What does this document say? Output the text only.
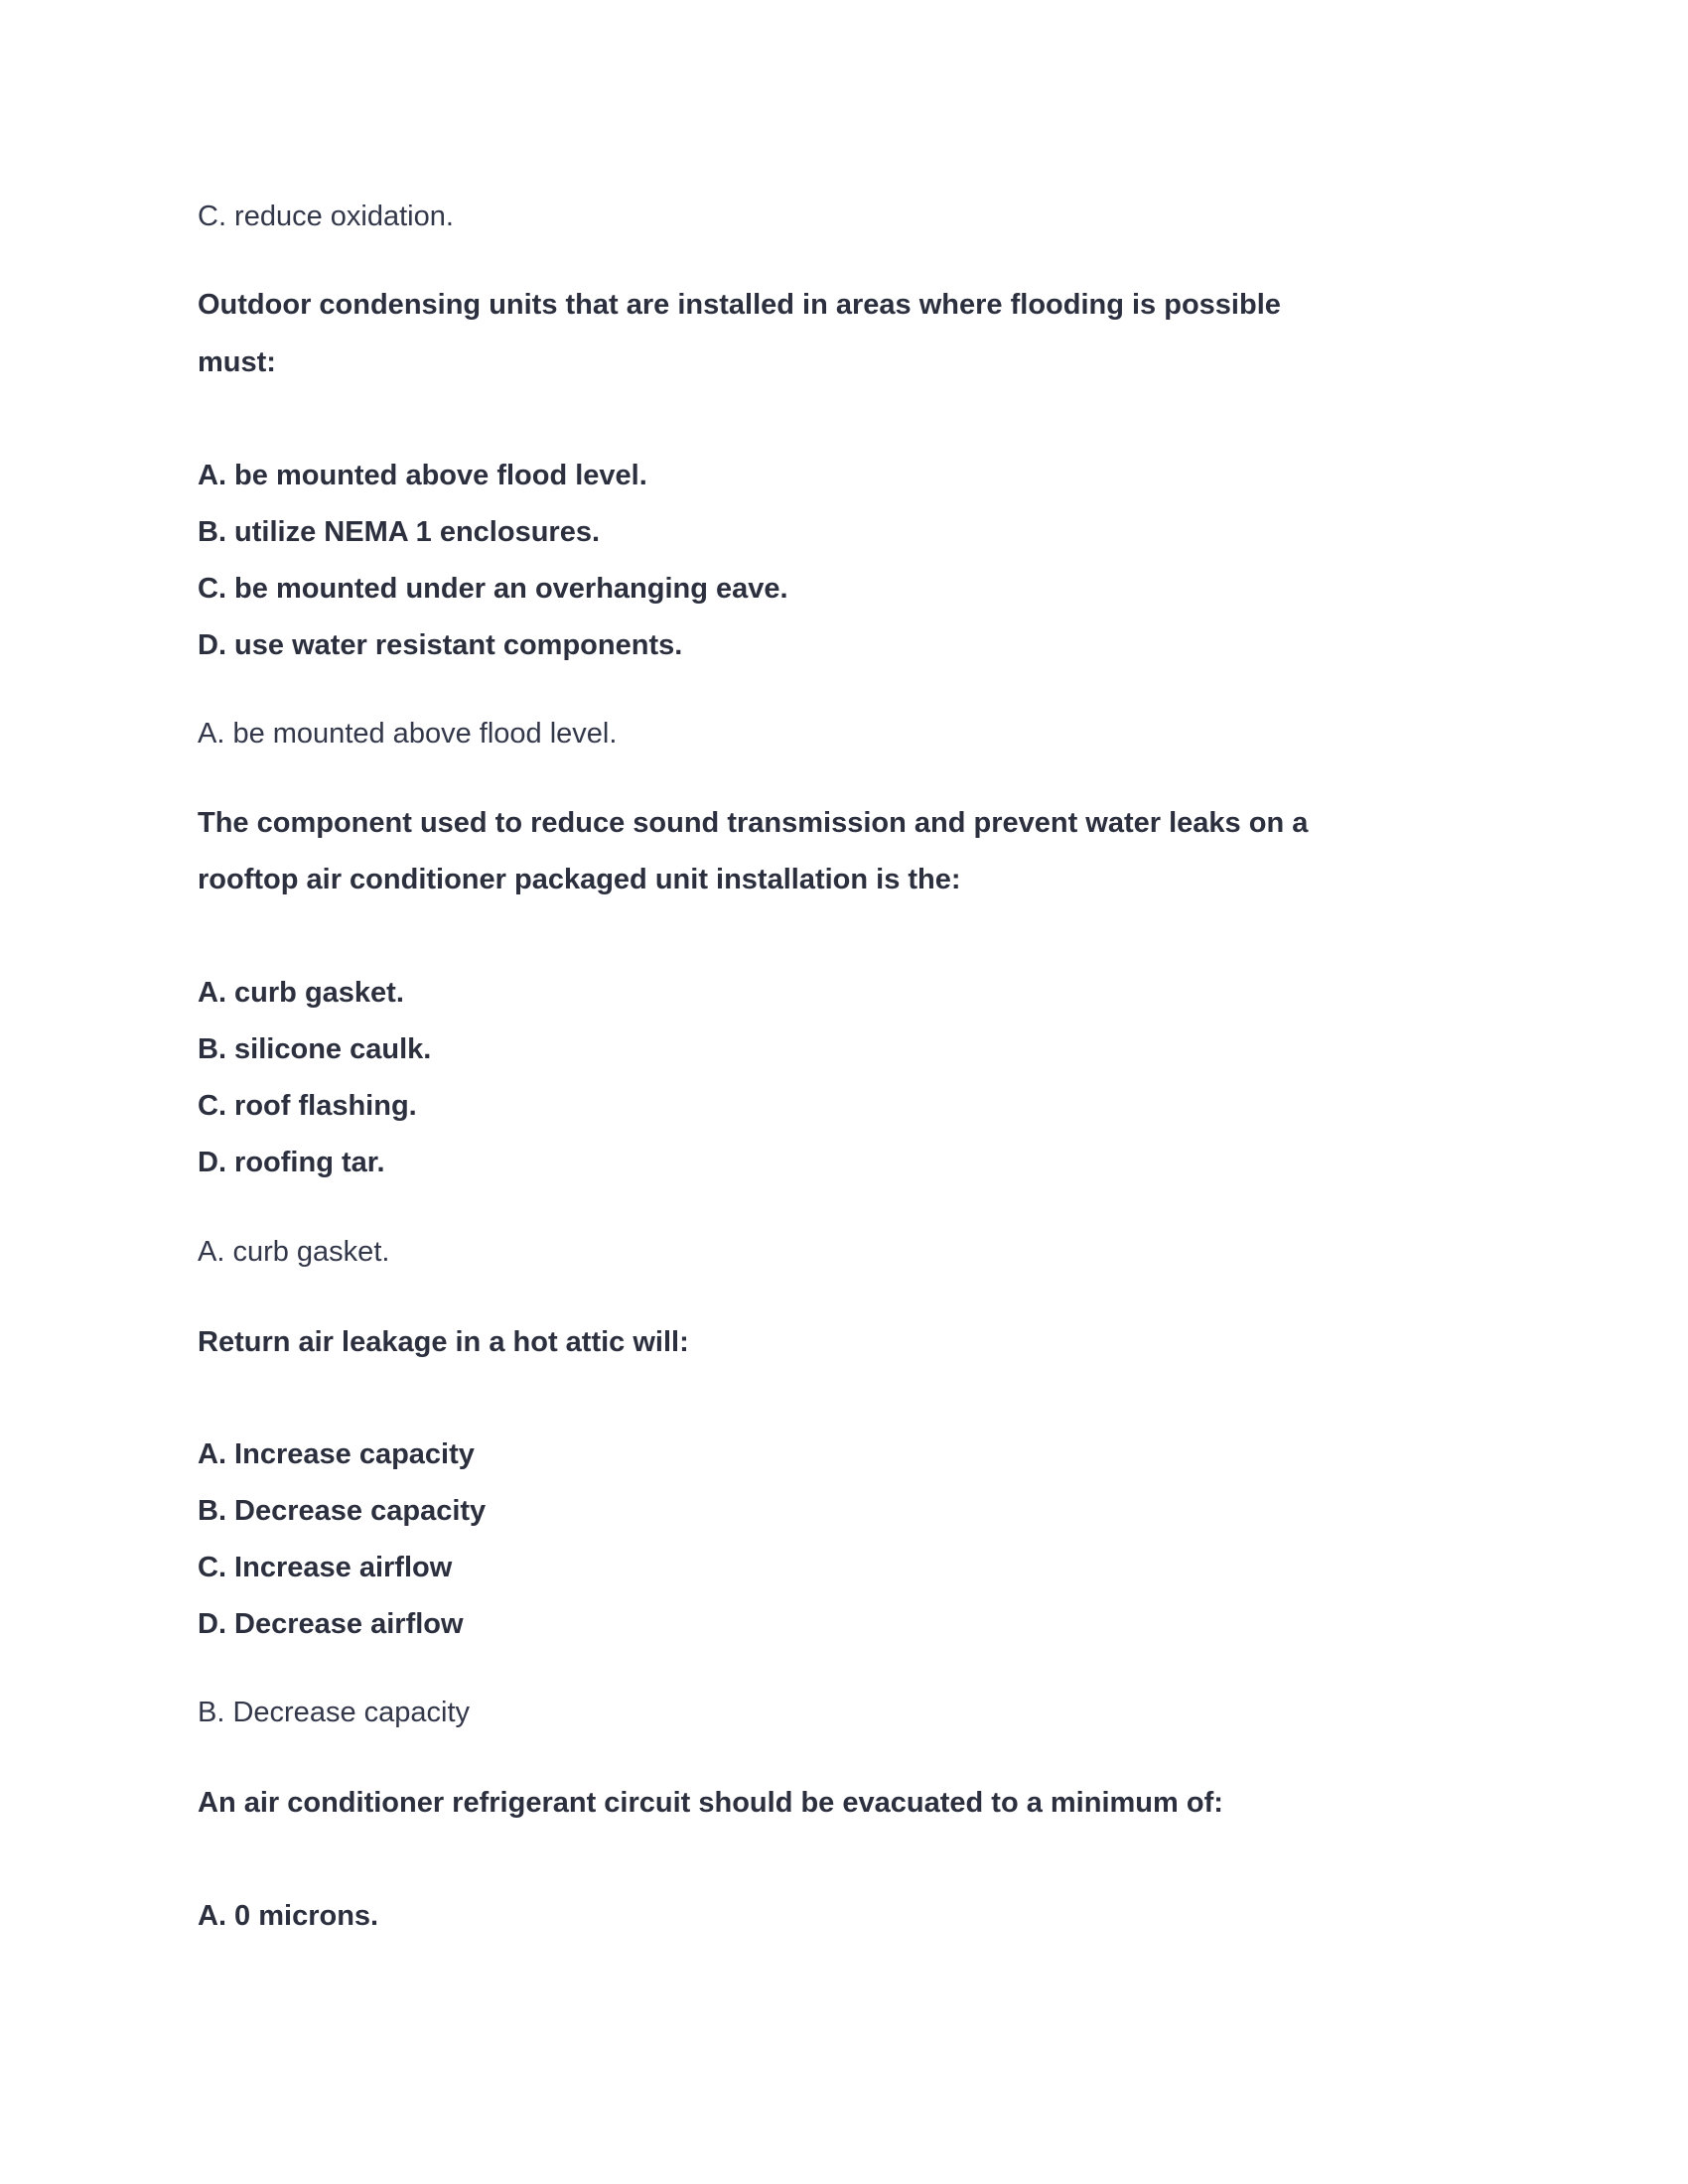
C. reduce oxidation.
Outdoor condensing units that are installed in areas where flooding is possible
must:
A. be mounted above flood level.
B. utilize NEMA 1 enclosures.
C. be mounted under an overhanging eave.
D. use water resistant components.
A. be mounted above flood level.
The component used to reduce sound transmission and prevent water leaks on a
rooftop air conditioner packaged unit installation is the:
A. curb gasket.
B. silicone caulk.
C. roof flashing.
D. roofing tar.
A. curb gasket.
Return air leakage in a hot attic will:
A. Increase capacity
B. Decrease capacity
C. Increase airflow
D. Decrease airflow
B. Decrease capacity
An air conditioner refrigerant circuit should be evacuated to a minimum of:
A. 0 microns.
